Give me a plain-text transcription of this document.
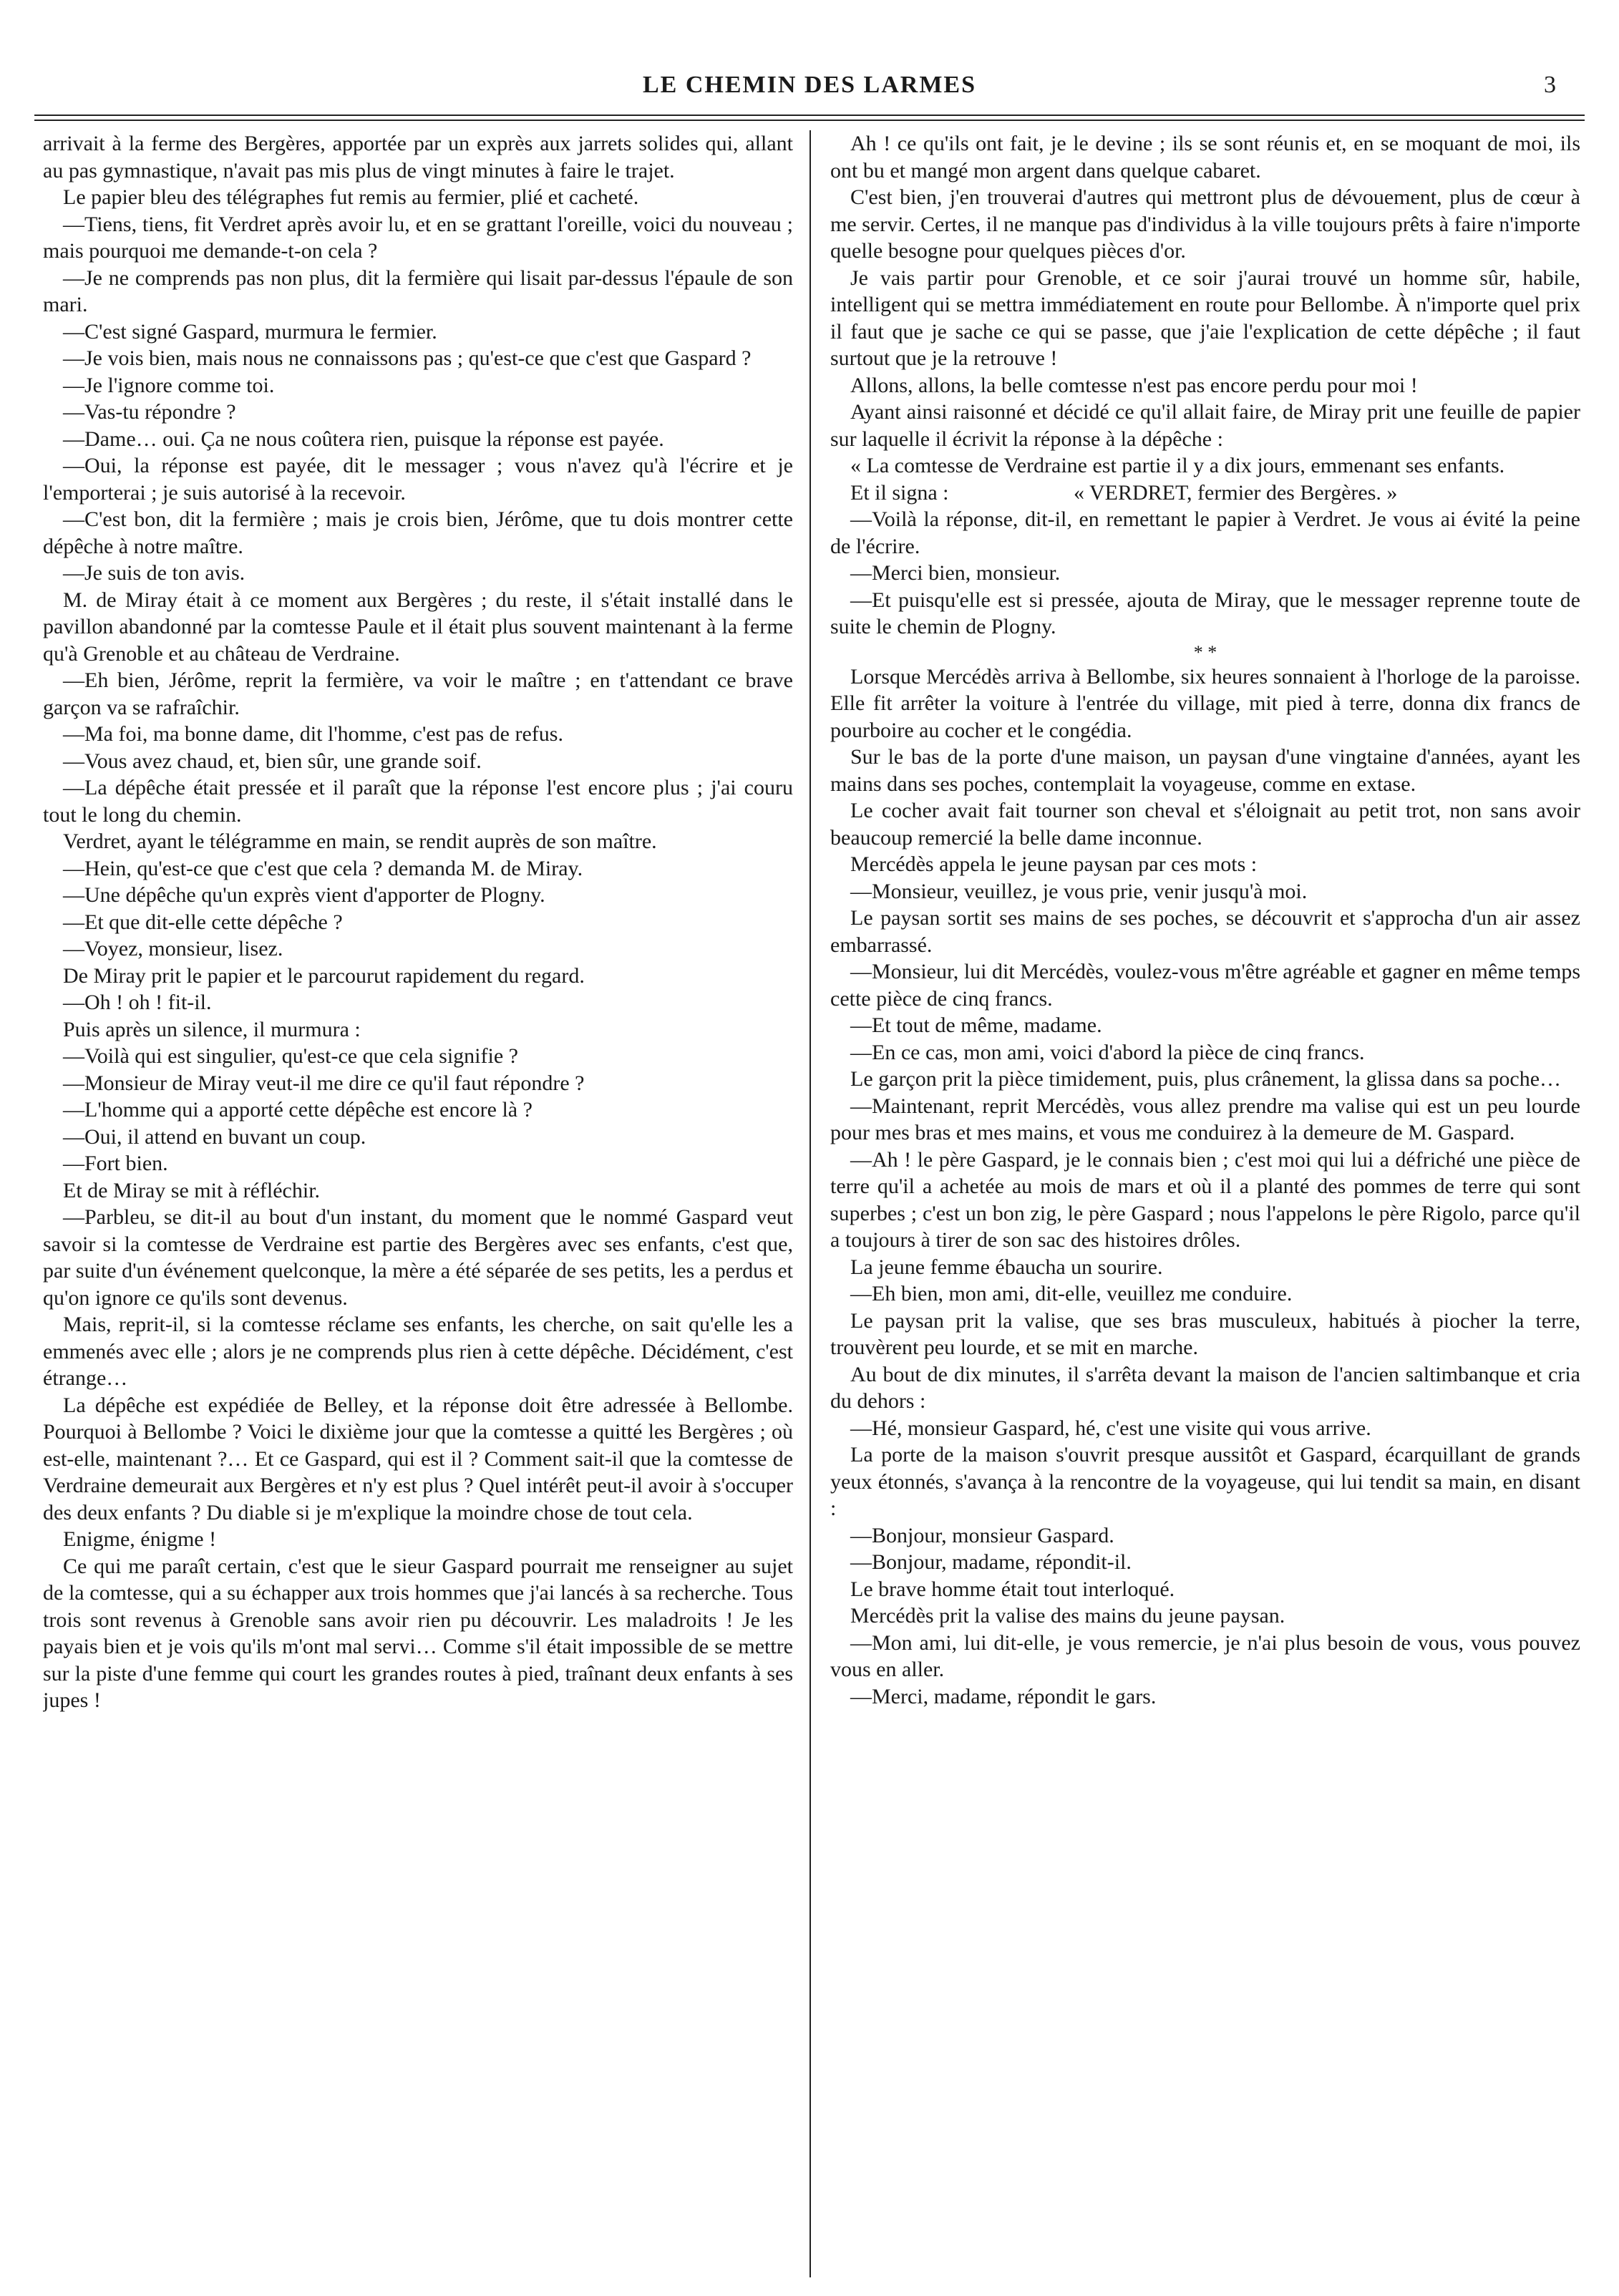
LE CHEMIN DES LARMES	3

arrivait à la ferme des Bergères, apportée par un exprès aux jarrets solides qui, allant au pas gymnastique, n'avait pas mis plus de vingt minutes à faire le trajet.

Le papier bleu des télégraphes fut remis au fermier, plié et cacheté.

—Tiens, tiens, fit Verdret après avoir lu, et en se grattant l'oreille, voici du nouveau ; mais pourquoi me demande-t-on cela ?

—Je ne comprends pas non plus, dit la fermière qui lisait par-dessus l'épaule de son mari.

—C'est signé Gaspard, murmura le fermier.

—Je vois bien, mais nous ne connaissons pas ; qu'est-ce que c'est que Gaspard ?

—Je l'ignore comme toi.

—Vas-tu répondre ?

—Dame… oui. Ça ne nous coûtera rien, puisque la réponse est payée.

—Oui, la réponse est payée, dit le messager ; vous n'avez qu'à l'écrire et je l'emporterai ; je suis autorisé à la recevoir.

—C'est bon, dit la fermière ; mais je crois bien, Jérôme, que tu dois montrer cette dépêche à notre maître.

—Je suis de ton avis.

M. de Miray était à ce moment aux Bergères ; du reste, il s'était installé dans le pavillon abandonné par la comtesse Paule et il était plus souvent maintenant à la ferme qu'à Grenoble et au château de Verdraine.

—Eh bien, Jérôme, reprit la fermière, va voir le maître ; en t'attendant ce brave garçon va se rafraîchir.

—Ma foi, ma bonne dame, dit l'homme, c'est pas de refus.

—Vous avez chaud, et, bien sûr, une grande soif.

—La dépêche était pressée et il paraît que la réponse l'est encore plus ; j'ai couru tout le long du chemin.

Verdret, ayant le télégramme en main, se rendit auprès de son maître.

—Hein, qu'est-ce que c'est que cela ? demanda M. de Miray.

—Une dépêche qu'un exprès vient d'apporter de Plogny.

—Et que dit-elle cette dépêche ?

—Voyez, monsieur, lisez.

De Miray prit le papier et le parcourut rapidement du regard.

—Oh ! oh ! fit-il.

Puis après un silence, il murmura :

—Voilà qui est singulier, qu'est-ce que cela signifie ?

—Monsieur de Miray veut-il me dire ce qu'il faut répondre ?

—L'homme qui a apporté cette dépêche est encore là ?

—Oui, il attend en buvant un coup.

—Fort bien.

Et de Miray se mit à réfléchir.

—Parbleu, se dit-il au bout d'un instant, du moment que le nommé Gaspard veut savoir si la comtesse de Verdraine est partie des Bergères avec ses enfants, c'est que, par suite d'un événement quelconque, la mère a été séparée de ses petits, les a perdus et qu'on ignore ce qu'ils sont devenus.

Mais, reprit-il, si la comtesse réclame ses enfants, les cherche, on sait qu'elle les a emmenés avec elle ; alors je ne comprends plus rien à cette dépêche. Décidément, c'est étrange…

La dépêche est expédiée de Belley, et la réponse doit être adressée à Bellombe. Pourquoi à Bellombe ? Voici le dixième jour que la comtesse a quitté les Bergères ; où est-elle, maintenant ?… Et ce Gaspard, qui est il ? Comment sait-il que la comtesse de Verdraine demeurait aux Bergères et n'y est plus ? Quel intérêt peut-il avoir à s'occuper des deux enfants ? Du diable si je m'explique la moindre chose de tout cela.

Enigme, énigme !

Ce qui me paraît certain, c'est que le sieur Gaspard pourrait me renseigner au sujet de la comtesse, qui a su échapper aux trois hommes que j'ai lancés à sa recherche. Tous trois sont revenus à Grenoble sans avoir rien pu découvrir. Les maladroits ! Je les payais bien et je vois qu'ils m'ont mal servi… Comme s'il était impossible de se mettre sur la piste d'une femme qui court les grandes routes à pied, traînant deux enfants à ses jupes !

Ah ! ce qu'ils ont fait, je le devine ; ils se sont réunis et, en se moquant de moi, ils ont bu et mangé mon argent dans quelque cabaret.

C'est bien, j'en trouverai d'autres qui mettront plus de dévouement, plus de cœur à me servir. Certes, il ne manque pas d'individus à la ville toujours prêts à faire n'importe quelle besogne pour quelques pièces d'or.

Je vais partir pour Grenoble, et ce soir j'aurai trouvé un homme sûr, habile, intelligent qui se mettra immédiatement en route pour Bellombe. À n'importe quel prix il faut que je sache ce qui se passe, que j'aie l'explication de cette dépêche ; il faut surtout que je la retrouve !

Allons, allons, la belle comtesse n'est pas encore perdu pour moi !

Ayant ainsi raisonné et décidé ce qu'il allait faire, de Miray prit une feuille de papier sur laquelle il écrivit la réponse à la dépêche :

« La comtesse de Verdraine est partie il y a dix jours, emmenant ses enfants.

Et il signa :	« VERDRET, fermier des Bergères. »

—Voilà la réponse, dit-il, en remettant le papier à Verdret. Je vous ai évité la peine de l'écrire.

—Merci bien, monsieur.

—Et puisqu'elle est si pressée, ajouta de Miray, que le messager reprenne toute de suite le chemin de Plogny.

* *

Lorsque Mercédès arriva à Bellombe, six heures sonnaient à l'horloge de la paroisse. Elle fit arrêter la voiture à l'entrée du village, mit pied à terre, donna dix francs de pourboire au cocher et le congédia.

Sur le bas de la porte d'une maison, un paysan d'une vingtaine d'années, ayant les mains dans ses poches, contemplait la voyageuse, comme en extase.

Le cocher avait fait tourner son cheval et s'éloignait au petit trot, non sans avoir beaucoup remercié la belle dame inconnue.

Mercédès appela le jeune paysan par ces mots :

—Monsieur, veuillez, je vous prie, venir jusqu'à moi.

Le paysan sortit ses mains de ses poches, se découvrit et s'approcha d'un air assez embarrassé.

—Monsieur, lui dit Mercédès, voulez-vous m'être agréable et gagner en même temps cette pièce de cinq francs.

—Et tout de même, madame.

—En ce cas, mon ami, voici d'abord la pièce de cinq francs.

Le garçon prit la pièce timidement, puis, plus crânement, la glissa dans sa poche…

—Maintenant, reprit Mercédès, vous allez prendre ma valise qui est un peu lourde pour mes bras et mes mains, et vous me conduirez à la demeure de M. Gaspard.

—Ah ! le père Gaspard, je le connais bien ; c'est moi qui lui a défriché une pièce de terre qu'il a achetée au mois de mars et où il a planté des pommes de terre qui sont superbes ; c'est un bon zig, le père Gaspard ; nous l'appelons le père Rigolo, parce qu'il a toujours à tirer de son sac des histoires drôles.

La jeune femme ébaucha un sourire.

—Eh bien, mon ami, dit-elle, veuillez me conduire.

Le paysan prit la valise, que ses bras musculeux, habitués à piocher la terre, trouvèrent peu lourde, et se mit en marche.

Au bout de dix minutes, il s'arrêta devant la maison de l'ancien saltimbanque et cria du dehors :

—Hé, monsieur Gaspard, hé, c'est une visite qui vous arrive.

La porte de la maison s'ouvrit presque aussitôt et Gaspard, écarquillant de grands yeux étonnés, s'avança à la rencontre de la voyageuse, qui lui tendit sa main, en disant :

—Bonjour, monsieur Gaspard.

—Bonjour, madame, répondit-il.

Le brave homme était tout interloqué.

Mercédès prit la valise des mains du jeune paysan.

—Mon ami, lui dit-elle, je vous remercie, je n'ai plus besoin de vous, vous pouvez vous en aller.

—Merci, madame, répondit le gars.
